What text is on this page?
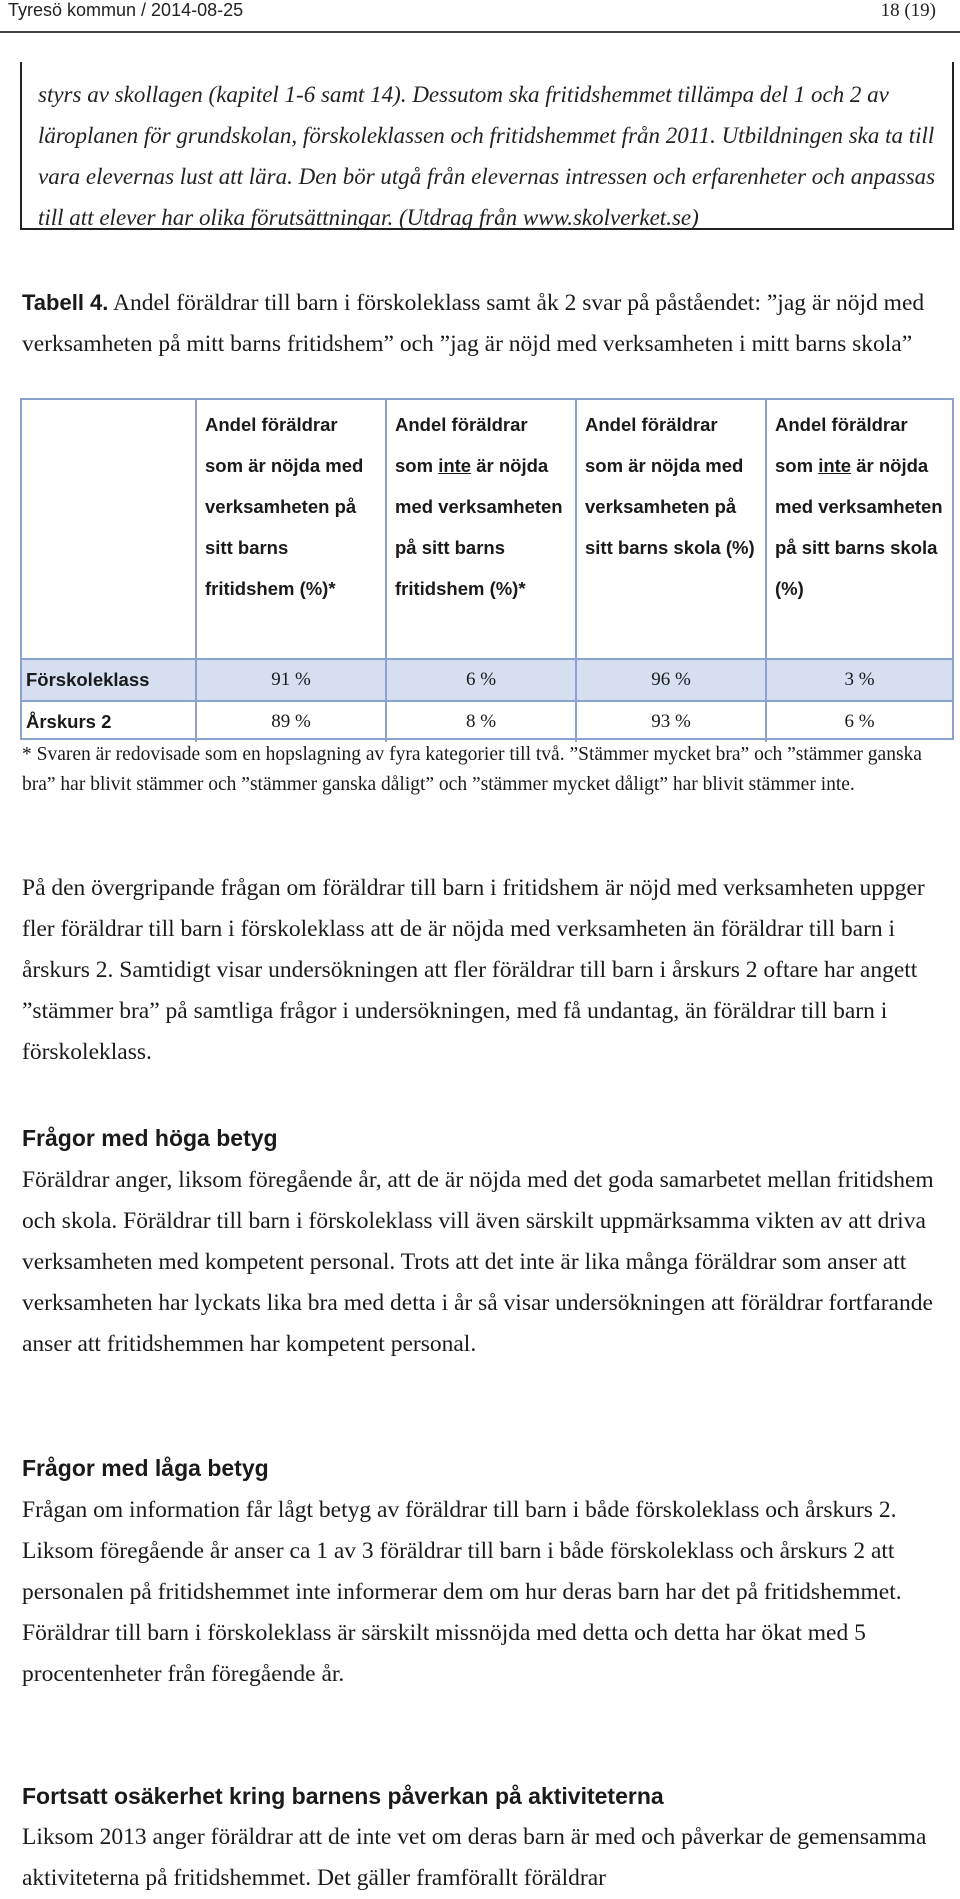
Tyresö kommun / 2014-08-25	18 (19)
styrs av skollagen (kapitel 1-6 samt 14). Dessutom ska fritidshemmet tillämpa del 1 och 2 av läroplanen för grundskolan, förskoleklassen och fritidshemmet från 2011. Utbildningen ska ta till vara elevernas lust att lära. Den bör utgå från elevernas intressen och erfarenheter och anpassas till att elever har olika förutsättningar. (Utdrag från www.skolverket.se)
Tabell 4. Andel föräldrar till barn i förskoleklass samt åk 2 svar på påståendet: ”jag är nöjd med verksamheten på mitt barns fritidshem” och ”jag är nöjd med verksamheten i mitt barns skola”
	Andel föräldrar som är nöjda med verksamheten på sitt barns fritidshem (%)*	Andel föräldrar som inte är nöjda med verksamheten på sitt barns fritidshem (%)*	Andel föräldrar som är nöjda med verksamheten på sitt barns skola (%)	Andel föräldrar som inte är nöjda med verksamheten på sitt barns skola (%)
Förskoleklass	91 %	6 %	96 %	3 %
Årskurs 2	89 %	8 %	93 %	6 %
* Svaren är redovisade som en hopslagning av fyra kategorier till två. ”Stämmer mycket bra” och ”stämmer ganska bra” har blivit stämmer och ”stämmer ganska dåligt” och ”stämmer mycket dåligt” har blivit stämmer inte.
På den övergripande frågan om föräldrar till barn i fritidshem är nöjd med verksamheten uppger fler föräldrar till barn i förskoleklass att de är nöjda med verksamheten än föräldrar till barn i årskurs 2. Samtidigt visar undersökningen att fler föräldrar till barn i årskurs 2 oftare har angett ”stämmer bra” på samtliga frågor i undersökningen, med få undantag, än föräldrar till barn i förskoleklass.
Frågor med höga betyg
Föräldrar anger, liksom föregående år, att de är nöjda med det goda samarbetet mellan fritidshem och skola. Föräldrar till barn i förskoleklass vill även särskilt uppmärksamma vikten av att driva verksamheten med kompetent personal. Trots att det inte är lika många föräldrar som anser att verksamheten har lyckats lika bra med detta i år så visar undersökningen att föräldrar fortfarande anser att fritidshemmen har kompetent personal.
Frågor med låga betyg
Frågan om information får lågt betyg av föräldrar till barn i både förskoleklass och årskurs 2. Liksom föregående år anser ca 1 av 3 föräldrar till barn i både förskoleklass och årskurs 2 att personalen på fritidshemmet inte informerar dem om hur deras barn har det på fritidshemmet. Föräldrar till barn i förskoleklass är särskilt missnöjda med detta och detta har ökat med 5 procentenheter från föregående år.
Fortsatt osäkerhet kring barnens påverkan på aktiviteterna
Liksom 2013 anger föräldrar att de inte vet om deras barn är med och påverkar de gemensamma aktiviteterna på fritidshemmet. Det gäller framförallt föräldrar
